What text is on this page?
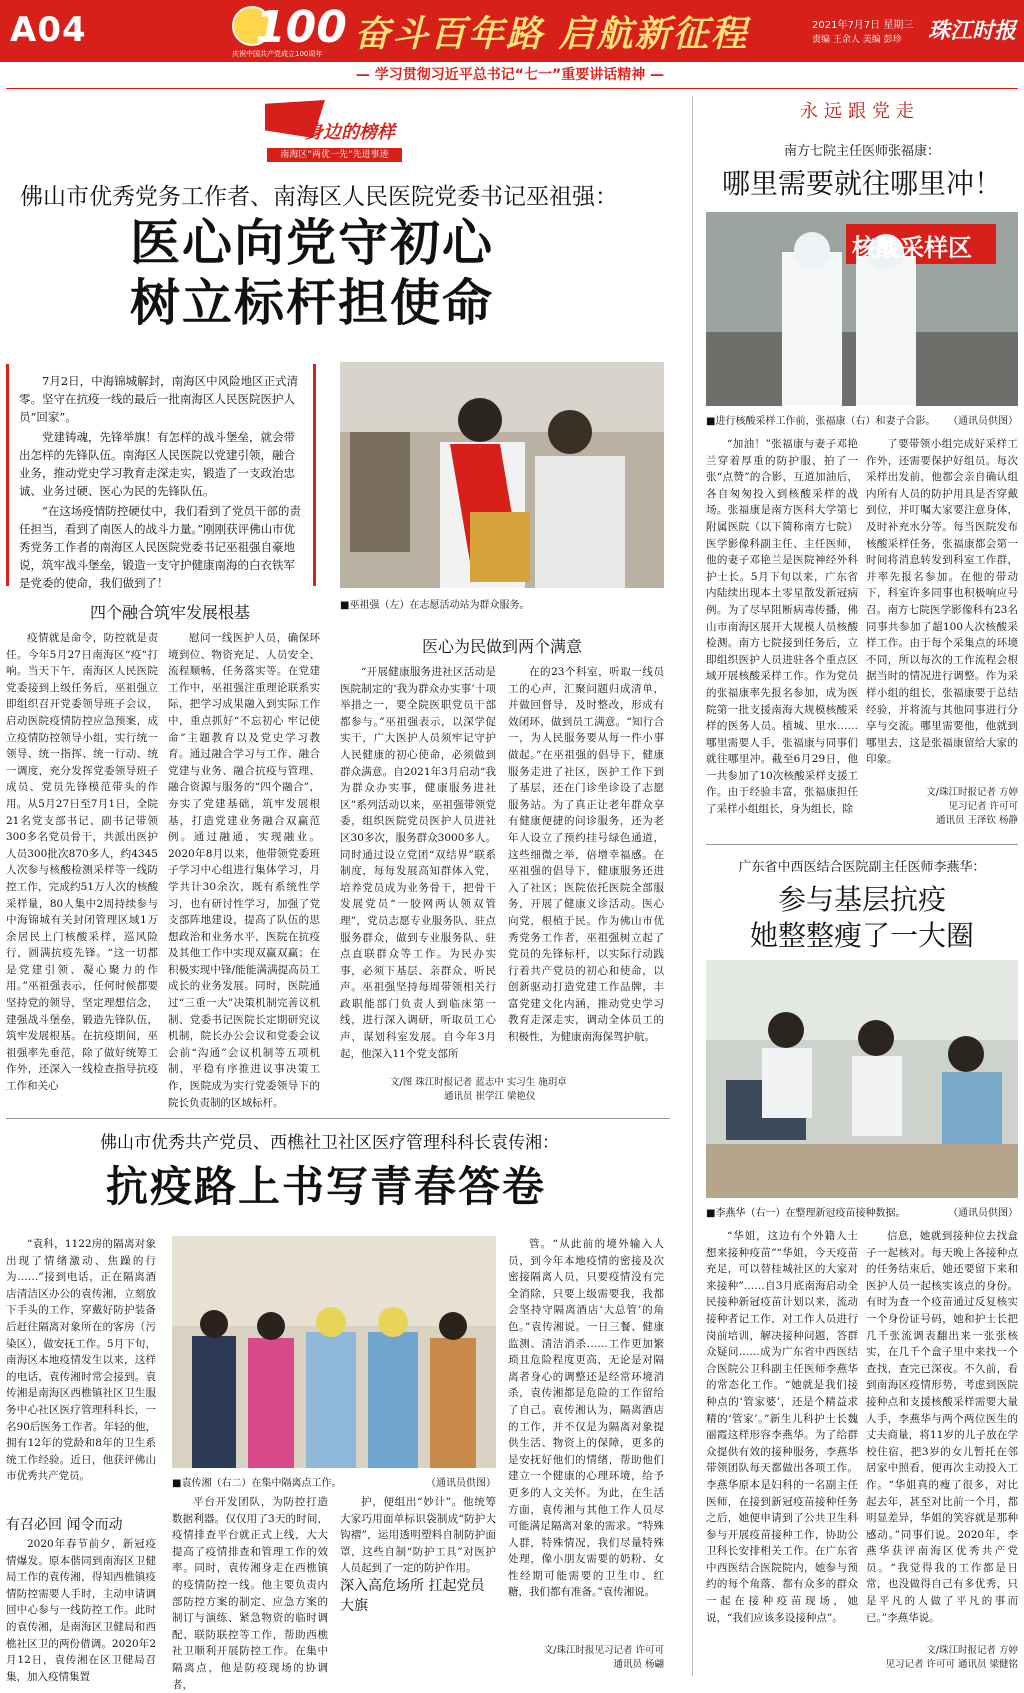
A04	100
庆祝中国共产党成立100周年 奋斗百年路 启航新征程	2021年7月7日 星期三
责编 王余人 美编 彭珍 珠江时报
— 学习贯彻习近平总书记“七一”重要讲话精神 —
身边的榜样
南海区“两优一先”先进事迹
佛山市优秀党务工作者、南海区人民医院党委书记巫祖强：
医心向党守初心
树立标杆担使命

7月2日，中海锦城解封，南海区中风险地区正式清零。坚守在抗疫一线的最后一批南海区人民医院医护人员“回家”。

党建铸魂，先锋举旗！有怎样的战斗堡垒，就会带出怎样的先锋队伍。南海区人民医院以党建引领，融合业务，推动党史学习教育走深走实，锻造了一支政治忠诚、业务过硬、医心为民的先锋队伍。

“在这场疫情防控硬仗中，我们看到了党员干部的责任担当，看到了南医人的战斗力量。”刚刚获评佛山市优秀党务工作者的南海区人民医院党委书记巫祖强自豪地说，筑牢战斗堡垒，锻造一支守护健康南海的白衣铁军是党委的使命，我们做到了！

■巫祖强（左）在志愿活动站为群众服务。
四个融合筑牢发展根基
医心为民做到两个满意

疫情就是命令，防控就是责任。今年5月27日南海区“疫”打响。当天下午，南海区人民医院党委接到上级任务后，巫祖强立即组织召开党委领导班子会议，启动医院疫情防控应急预案，成立疫情防控领导小组，实行统一领导、统一指挥、统一行动、统一调度，充分发挥党委领导班子成员、党员先锋模范带头的作用。从5月27日至7月1日，全院21名党支部书记、副书记带领300多名党员骨干，共派出医护人员300批次870多人，约4345人次参与核酸检测采样等一线防控工作，完成约51万人次的核酸采样量，80人集中2周持续参与中海锦城有关封闭管理区域1万余居民上门核酸采样，巡风险行，圆满抗疫先锋。“这一切都是党建引领、凝心聚力的作用。”巫祖强表示，任何时候都要坚持党的领导，坚定理想信念，建强战斗堡垒，锻造先锋队伍，筑牢发展根基。在抗疫期间，巫祖强率先垂范，除了做好统筹工作外，还深入一线检查指导抗疫工作和关心

慰问一线医护人员，确保环境到位、物资充足、人员安全、流程顺畅，任务落实等。在党建工作中，巫祖强注重理论联系实际，把学习成果融入到实际工作中，重点抓好“不忘初心 牢记使命”主题教育以及党史学习教育。通过融合学习与工作、融合党建与业务、融合抗疫与管理、融合资源与服务的“四个融合”，夯实了党建基础，筑牢发展根基，打造党建业务融合双赢范例。通过融通，实现融业。2020年8月以来，他带领党委班子学习中心组进行集体学习，月学共计30余次，既有系统性学习，也有研讨性学习，加强了党支部阵地建设，提高了队伍的思想政治和业务水平，医院在抗疫及其他工作中实现双赢双赢；在积极实现中锋/能能满满提高员工成长的业务发展。同时，医院通过“三重一大”决策机制完善议机制、党委书记医院长定期研究议机制，院长办公会议和党委会议会前“沟通”会议机制等五项机制，平稳有序推进议事决策工作，医院成为实行党委领导下的院长负责制的区域标杆。

“开展健康服务进社区活动是医院制定的‘我为群众办实事’十项举措之一，要全院医职党员干部都参与。”巫祖强表示，以深学促实干，广大医护人员须牢记守护人民健康的初心使命，必须做到群众满意。自2021年3月启动“我为群众办实事，健康服务进社区”系列活动以来，巫祖强带领党委，组织医院党员医护人员进社区30多次，服务群众3000多人。同时通过设立党团“双结界”联系制度，每每发展高知群体入党，培养党员成为业务骨干，把骨干发展党员“一胶网两认领双管理”，党员志愿专业服务队、驻点服务群众，做到专业服务队、驻点直联群众等工作。为民办实事，必须下基层、亲群众、听民声。巫祖强坚持每周带领相关行政职能部门负责人到临床第一线，进行深入调研，听取员工心声，谋划科室发展。自今年3月起，他深入11个党支部所

在的23个科室，听取一线员工的心声，汇聚问题归成清单，并做回督导，及时整改，形成有效闭环，做到员工满意。“知行合一，为人民服务要从每一件小事做起。”在巫祖强的倡导下，健康服务走进了社区，医护工作下到了基层，还在门诊坐诊设了志愿服务站。为了真正让老年群众享有健康便捷的问诊服务，还为老年人设立了预约挂号绿色通道，这些细微之举，倍增幸福感。在巫祖强的倡导下，健康服务还进入了社区；医院依托医院全部服务，开展了健康义诊活动。医心向党，根植于民。作为佛山市优秀党务工作者，巫祖强树立起了党员的先锋标杆，以实际行动践行着共产党员的初心和使命，以创新驱动打造党建工作品牌，丰富党建文化内涵，推动党史学习教育走深走实，调动全体员工的积极性，为健康南海保驾护航。

文/图 珠江时报记者 蓝志中 实习生 施玥卓
通讯员 崔学江 梁艳仪
佛山市优秀共产党员、西樵社卫社区医疗管理科科长袁传湘：
抗疫路上书写青春答卷

“袁科，1122房的隔离对象出现了情绪激动、焦躁的行为……”接到电话，正在隔离酒店清洁区办公的袁传湘，立刻放下手头的工作，穿戴好防护装备后赶往隔离对象所在的客房（污染区），做安抚工作。5月下旬，南海区本地疫情发生以来，这样的电话，袁传湘时常会接到。袁传湘是南海区西樵镇社区卫生服务中心社区医疗管理科科长，一名90后医务工作者。年轻的他，拥有12年的党龄和8年的卫生系统工作经验。近日，他获评佛山市优秀共产党员。

有召必回 闻令而动

2020年春节前夕，新冠疫情爆发。原本偕同到南海区卫健局工作的袁传湘，得知西樵镇疫情防控需要人手时，主动申请调回中心参与一线防控工作。此时的袁传湘，是南海区卫健局和西樵社区卫的两份借调。2020年2月12日，袁传湘在区卫健局召集，加入疫情集置

■袁传湘（右二）在集中隔离点工作。	（通讯员供图）

平台开发团队，为防控打造数据利器。仅仅用了3天的时间，疫情排查平台就正式上线，大大提高了疫情排查和管理工作的效率。同时，袁传湘身走在西樵镇的疫情防控一线。他主要负责内部防控方案的制定、应急方案的制订与演练、紧急物资的临时调配、联防联控等工作，帮助西樵社卫顺利开展防控工作。在集中隔离点，他是防疫现场的协调者，

护，便组出“妙计”。他统筹大家巧用面单标识袋制成“防护大钩褶”，运用透明塑料自制防护面罩，这些自制“防护工具”对医护人员起到了一定的防护作用。

深入高危场所 扛起党员大旗

管。“从此前的境外输入人员，到今年本地疫情的密接及次密接隔离人员，只要疫情没有完全消除，只要上级需要我，我都会坚持守隔离酒店‘大总管’的角色。”袁传湘说。一日三餐、健康监测、清洁消杀……工作更加繁琐且危险程度更高，无论是对隔离者身心的调整还是经常环境消杀，袁传湘都是危险的工作留给了自己。袁传湘认为，隔离酒店的工作，并不仅是为隔离对象提供生活、物资上的保障，更多的是安抚好他们的情绪，帮助他们建立一个健康的心理环境，给予更多的人文关怀。为此，在生活方面，袁传湘与其他工作人员尽可能满足隔离对象的需求。“特殊人群，特殊情况，我们尽量特殊处理，像小朋友需要的奶粉、女性经期可能需要的卫生巾、红糖，我们都有准备。”袁传湘说。

文/珠江时报见习记者 许可可
通讯员 杨翩
永远跟党走
南方七院主任医师张福康：
哪里需要就往哪里冲！
核酸采样区
■进行核酸采样工作前，张福康（右）和妻子合影。	（通讯员供图）

“加油！”张福康与妻子邓艳兰穿着厚重的防护服，拍了一张“点赞”的合影，互道加油后，各自匆匆投入到核酸采样的战场。张福康是南方医科大学第七附属医院（以下简称南方七院）医学影像科副主任、主任医师，他的妻子邓艳兰是医院神经外科护士长。5月下旬以来，广东省内陆续出现本土零星散发新冠病例。为了尽早阻断病毒传播，佛山市南海区展开大规模人员核酸检测。南方七院接到任务后，立即组织医护人员进驻各个重点区域开展核酸采样工作。作为党员的张福康率先报名参加，成为医院第一批支援南海大规模核酸采样的医务人员。植城、里水……哪里需要人手，张福康与同事们就往哪里冲。截至6月29日，他一共参加了10次核酸采样支援工作。由于经验丰富，张福康担任了采样小组组长，身为组长，除

了要带领小组完成好采样工作外，还需要保护好组员。每次采样出发前，他都会亲自确认组内所有人员的防护用具是否穿戴到位，并叮嘱大家要注意身体，及时补充水分等。每当医院发布核酸采样任务，张福康都会第一时间将消息转发到科室工作群，并率先报名参加。在他的带动下，科室许多同事也积极响应号召。南方七院医学影像科有23名同事共参加了超100人次核酸采样工作。由于每个采集点的环境不同，所以每次的工作流程会根据当时的情况进行调整。作为采样小组的组长，张福康要于总结经验，并将流与其他同事进行分享与交流。哪里需要他，他就到哪里去，这是张福康留给大家的印象。

文/珠江时报记者 方婷
见习记者 许可可
通讯员 王泽钦 杨静
广东省中西医结合医院副主任医师李燕华：
参与基层抗疫
她整整瘦了一大圈
■李燕华（右一）在整理新冠疫苗接种数据。	（通讯员供图）

“华姐，这边有个外籍人士想来接种疫苗”“华姐，今天疫苗充足，可以替桂城社区的大家对来接种”……自3月底南海启动全民接种新冠疫苗计划以来，流动接种者记工作，对工作人员进行岗前培训，解决接种问题，答群众疑问……成为广东省中西医结合医院公卫科副主任医师李燕华的常态化工作。“她就是我们接种点的‘管家婆’，还是个精益求精的‘管家’。”新生儿科护士长魏丽霞这样形容李燕华。为了给群众提供有效的接种服务，李燕华带领团队每天都做出各项工作。李燕华原本是妇科的一名副主任医师，在接到新冠疫苗接种任务之后，她便申请到了公共卫生科参与开展疫苗接种工作，协助公卫科长安排相关工作。在广东省中西医结合医院院内，她参与预约的每个角落，都有众多的群众一起在接种疫苗现场，她说，“我们应该多设接种点”。

信息，她就到接种位去找盒子一起核对。每天晚上各接种点的任务结束后，她还要留下来和医护人员一起核实该点的身份。有时为查一个疫苗通过反复核实一个身份证号码，她和护士长把几千张流调表翻出来一张张核实，在几千个盒子里中来找一个查找，查完已深夜。不久前，看到南海区疫情形势，考虑到医院接种点和支援核酸采样需要大量人手，李燕华与两个两位医生的丈夫商量，将11岁的儿子放在学校住宿，把3岁的女儿暂托在邻居家中照看，便再次主动投入工作。“华姐真的瘦了很多，对比起去年，甚至对比前一个月，都明显差异，华姐的笑容就是那种感动。”同事们说。2020年，李燕华获评南海区优秀共产党员。“我觉得我的工作都是日常，也没做得自己有多优秀，只是平凡的人做了平凡的事而已。”李燕华说。

文/珠江时报记者 方婷
见习记者 许可可 通讯员 梁健铭
